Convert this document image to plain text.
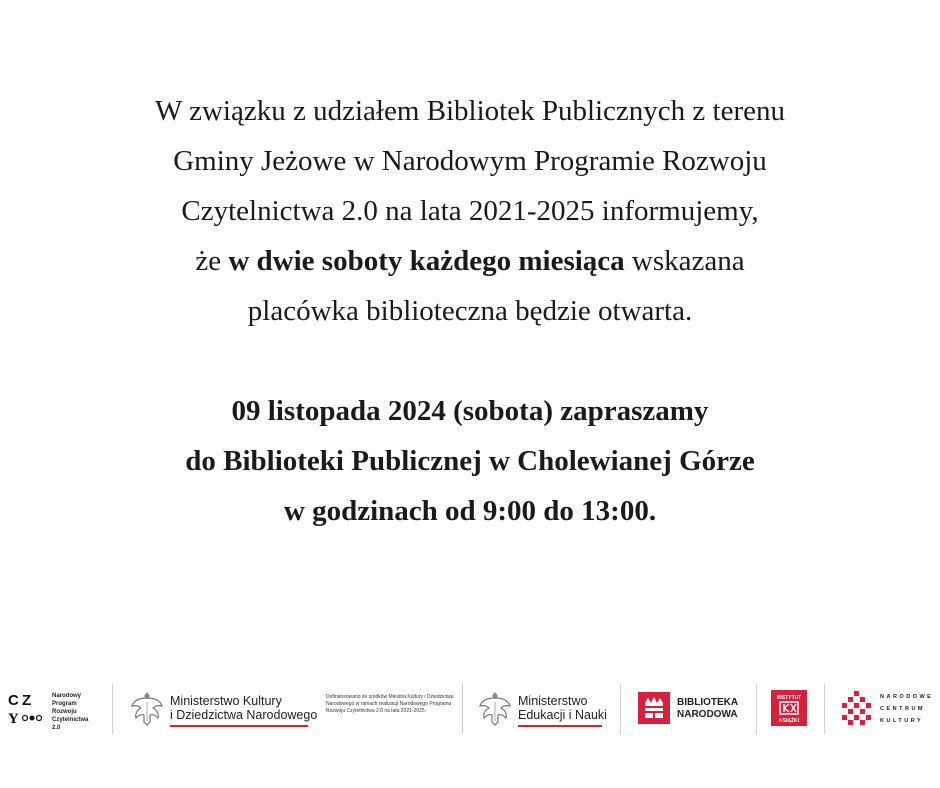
W związku z udziałem Bibliotek Publicznych z terenu
Gminy Jeżowe w Narodowym Programie Rozwoju
Czytelnictwa 2.0 na lata 2021-2025 informujemy,
że w dwie soboty każdego miesiąca wskazana
placówka biblioteczna będzie otwarta.
09 listopada 2024 (sobota) zapraszamy
do Biblioteki Publicznej w Cholewianej Górze
w godzinach od 9:00 do 13:00.
C Z
Y
Narodowy
Program
Rozwoju
Czytelnictwa
2.0
Ministerstwo Kultury
i Dziedzictwa Narodowego
Dofinansowano ze środków Ministra Kultury i Dziedzictwa Narodowego w ramach realizacji Narodowego Programu Rozwoju Czytelnictwa 2.0 na lata 2021-2025.
Ministerstwo
Edukacji i Nauki
BIBLIOTEKA
NARODOWA
INSTYTUT
KSIĄŻKI
NARODOWE
CENTRUM
KULTURY
